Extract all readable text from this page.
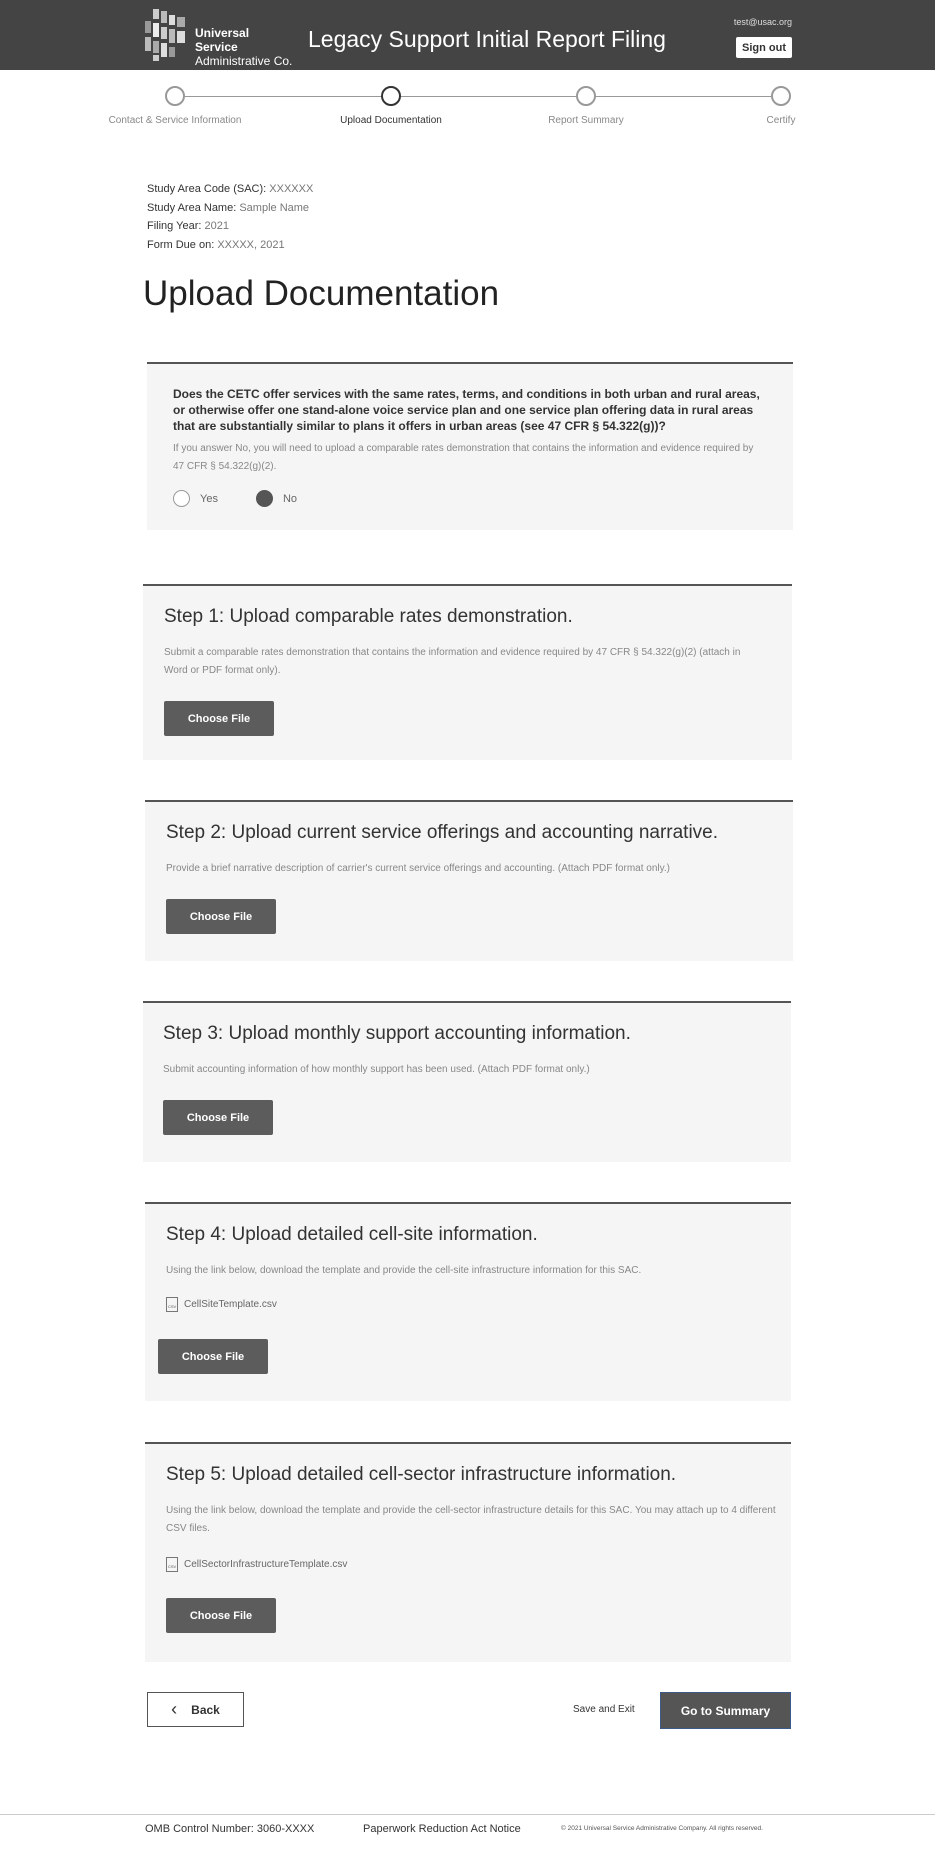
Universal Service
Administrative Co.
Legacy Support Initial Report Filing
test@usac.org
Sign out
Contact & Service Information	Upload Documentation	Report Summary	Certify
Study Area Code (SAC): XXXXXX
Study Area Name: Sample Name
Filing Year: 2021
Form Due on: XXXXX, 2021
Upload Documentation
Does the CETC offer services with the same rates, terms, and conditions in both urban and rural areas, or otherwise offer one stand-alone voice service plan and one service plan offering data in rural areas that are substantially similar to plans it offers in urban areas (see 47 CFR § 54.322(g))?
If you answer No, you will need to upload a comparable rates demonstration that contains the information and evidence required by 47 CFR § 54.322(g)(2).
Yes	No
Step 1: Upload comparable rates demonstration.
Submit a comparable rates demonstration that contains the information and evidence required by 47 CFR § 54.322(g)(2) (attach in Word or PDF format only).
Choose File
Step 2: Upload current service offerings and accounting narrative.
Provide a brief narrative description of carrier's current service offerings and accounting. (Attach PDF format only.)
Choose File
Step 3: Upload monthly support accounting information.
Submit accounting information of how monthly support has been used. (Attach PDF format only.)
Choose File
Step 4: Upload detailed cell-site information.
Using the link below, download the template and provide the cell-site infrastructure information for this SAC.
CSV CellSiteTemplate.csv
Choose File
Step 5: Upload detailed cell-sector infrastructure information.
Using the link below, download the template and provide the cell-sector infrastructure details for this SAC. You may attach up to 4 different CSV files.
CSV CellSectorInfrastructureTemplate.csv
Choose File
‹ Back	Save and Exit	Go to Summary
OMB Control Number: 3060-XXXX	Paperwork Reduction Act Notice	© 2021 Universal Service Administrative Company. All rights reserved.
